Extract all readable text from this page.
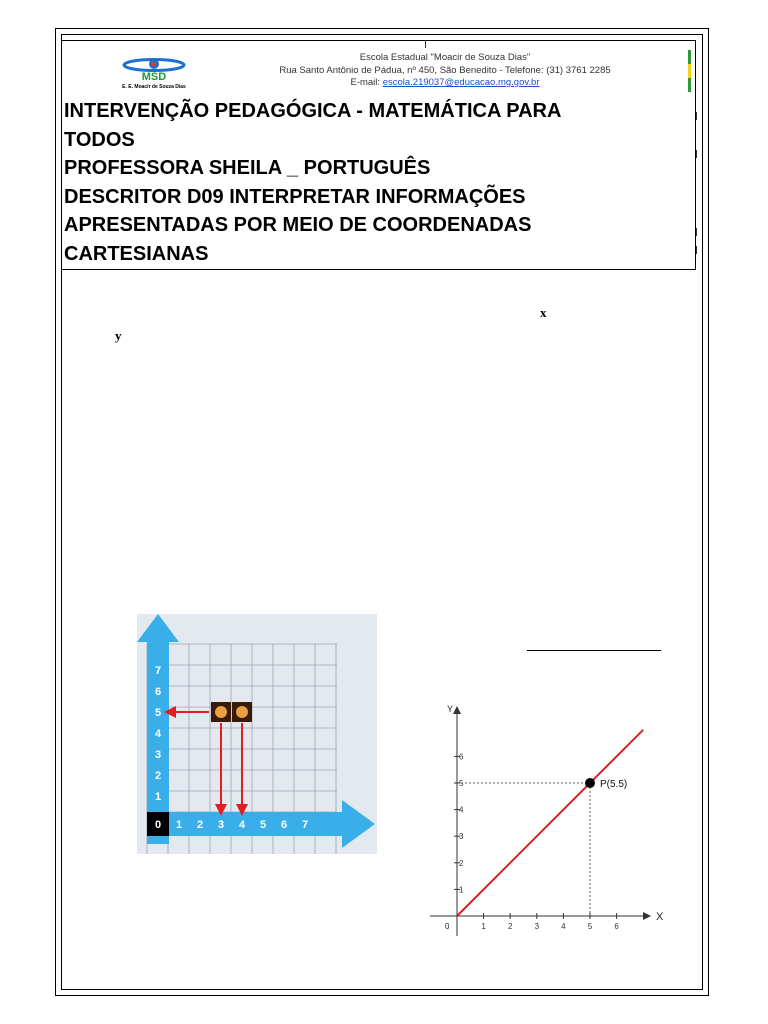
MSD
E. E. Moacir de Souza Dias
Escola Estadual "Moacir de Souza Dias"
Rua Santo Antônio de Pádua, nº 450, São Benedito - Telefone: (31) 3761 2285
E-mail: escola.219037@educacao.mg.gov.br
INTERVENÇÃO PEDAGÓGICA - MATEMÁTICA PARA
TODOS
PROFESSORA SHEILA _ PORTUGUÊS
DESCRITOR D09 INTERPRETAR INFORMAÇÕES
APRESENTADAS POR MEIO DE COORDENADAS
CARTESIANAS
x
y
0 1 2 3 4 5 6 7
1
2
3
4
5
6
7
X
Y
0	1	2	3	4	5	6
1
2
3
4
5
6
P(5.5)
